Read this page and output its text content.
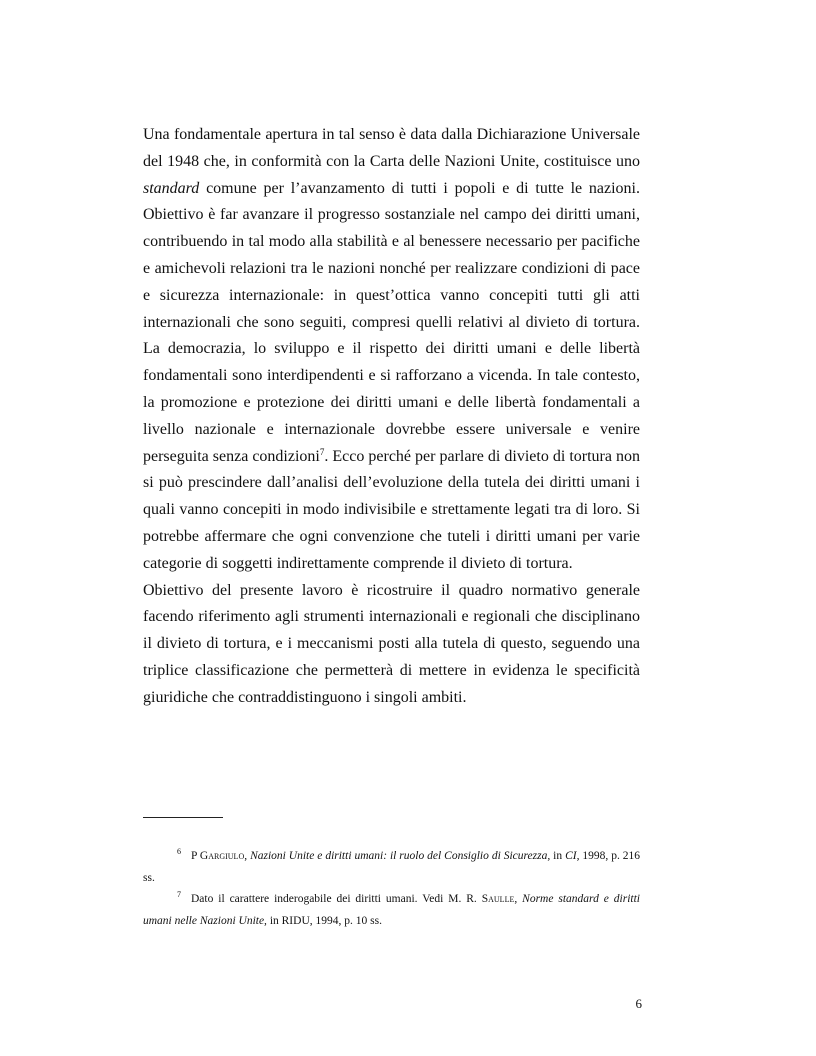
Una fondamentale apertura in tal senso è data dalla Dichiarazione Universale del 1948 che, in conformità con la Carta delle Nazioni Unite, costituisce uno standard comune per l’avanzamento di tutti i popoli e di tutte le nazioni. Obiettivo è far avanzare il progresso sostanziale nel campo dei diritti umani, contribuendo in tal modo alla stabilità e al benessere necessario per pacifiche e amichevoli relazioni tra le nazioni nonché per realizzare condizioni di pace e sicurezza internazionale: in quest’ottica vanno concepiti tutti gli atti internazionali che sono seguiti, compresi quelli relativi al divieto di tortura. La democrazia, lo sviluppo e il rispetto dei diritti umani e delle libertà fondamentali sono interdipendenti e si rafforzano a vicenda. In tale contesto, la promozione e protezione dei diritti umani e delle libertà fondamentali a livello nazionale e internazionale dovrebbe essere universale e venire perseguita senza condizioni$^7$. Ecco perché per parlare di divieto di tortura non si può prescindere dall’analisi dell’evoluzione della tutela dei diritti umani i quali vanno concepiti in modo indivisibile e strettamente legati tra di loro. Si potrebbe affermare che ogni convenzione che tuteli i diritti umani per varie categorie di soggetti indirettamente comprende il divieto di tortura.

Obiettivo del presente lavoro è ricostruire il quadro normativo generale facendo riferimento agli strumenti internazionali e regionali che disciplinano il divieto di tortura, e i meccanismi posti alla tutela di questo, seguendo una triplice classificazione che permetterà di mettere in evidenza le specificità giuridiche che contraddistinguono i singoli ambiti.

$^6$ P Gargiulo, Nazioni Unite e diritti umani: il ruolo del Consiglio di Sicurezza, in CI, 1998, p. 216 ss.

$^7$ Dato il carattere inderogabile dei diritti umani. Vedi M. R. Saulle, Norme standard e diritti umani nelle Nazioni Unite, in RIDU, 1994, p. 10 ss.

6
